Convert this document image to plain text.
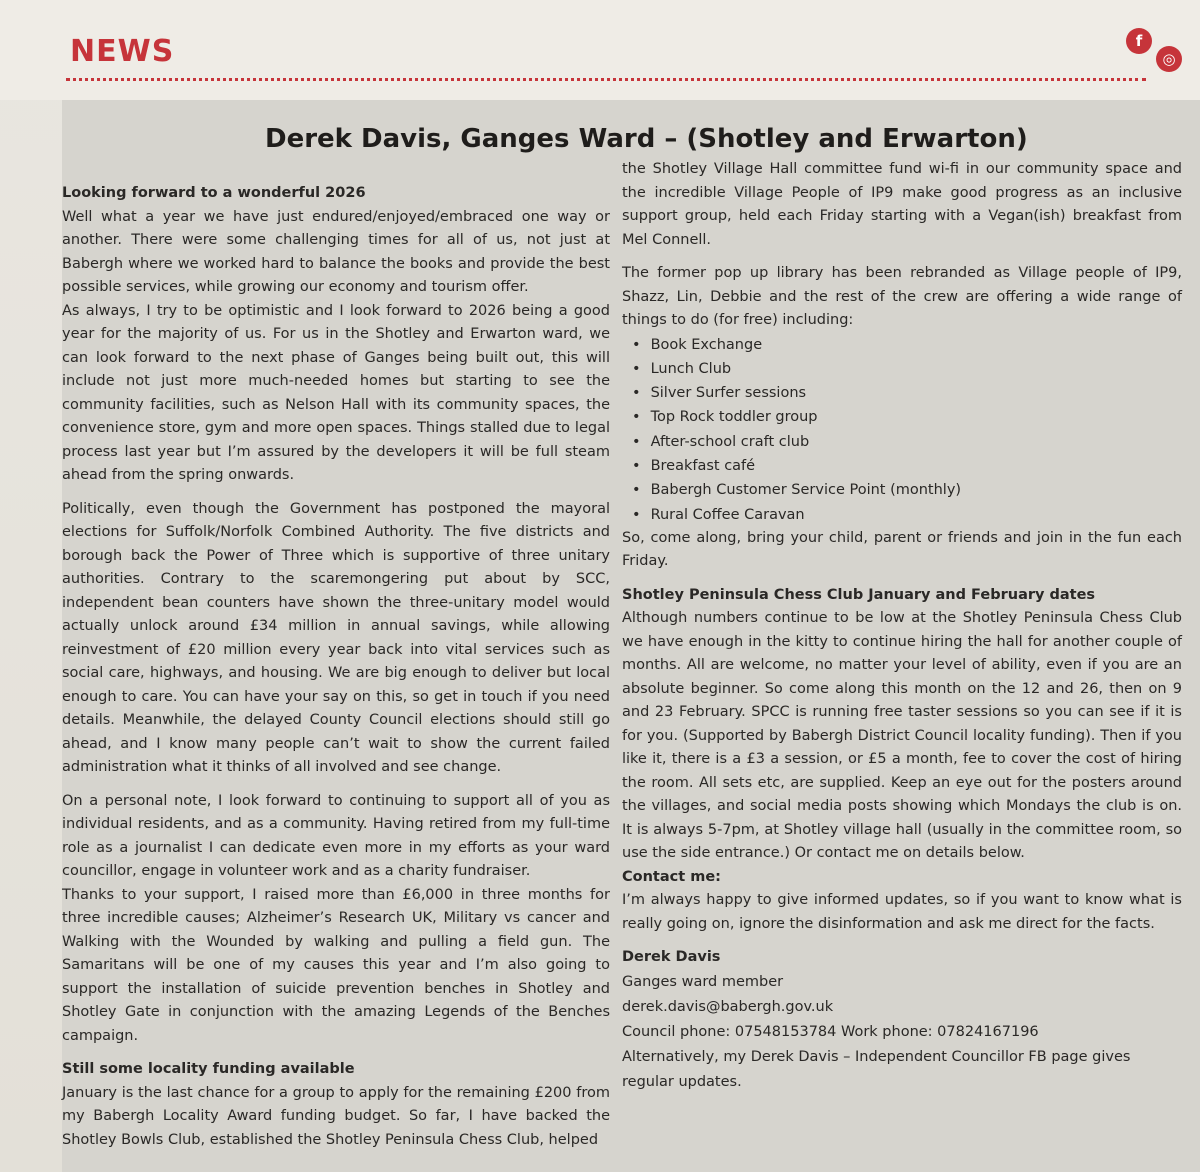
NEWS	f
◎
Derek Davis, Ganges Ward – (Shotley and Erwarton)
Looking forward to a wonderful 2026

Well what a year we have just endured/enjoyed/embraced one way or another. There were some challenging times for all of us, not just at Babergh where we worked hard to balance the books and provide the best possible services, while growing our economy and tourism offer.

As always, I try to be optimistic and I look forward to 2026 being a good year for the majority of us. For us in the Shotley and Erwarton ward, we can look forward to the next phase of Ganges being built out, this will include not just more much-needed homes but starting to see the community facilities, such as Nelson Hall with its community spaces, the convenience store, gym and more open spaces. Things stalled due to legal process last year but I’m assured by the developers it will be full steam ahead from the spring onwards.

Politically, even though the Government has postponed the mayoral elections for Suffolk/Norfolk Combined Authority. The five districts and borough back the Power of Three which is supportive of three unitary authorities. Contrary to the scaremongering put about by SCC, independent bean counters have shown the three-unitary model would actually unlock around £34 million in annual savings, while allowing reinvestment of £20 million every year back into vital services such as social care, highways, and housing. We are big enough to deliver but local enough to care. You can have your say on this, so get in touch if you need details. Meanwhile, the delayed County Council elections should still go ahead, and I know many people can’t wait to show the current failed administration what it thinks of all involved and see change.

On a personal note, I look forward to continuing to support all of you as individual residents, and as a community. Having retired from my full-time role as a journalist I can dedicate even more in my efforts as your ward councillor, engage in volunteer work and as a charity fundraiser.

Thanks to your support, I raised more than £6,000 in three months for three incredible causes; Alzheimer’s Research UK, Military vs cancer and Walking with the Wounded by walking and pulling a field gun. The Samaritans will be one of my causes this year and I’m also going to support the installation of suicide prevention benches in Shotley and Shotley Gate in conjunction with the amazing Legends of the Benches campaign.

Still some locality funding available

January is the last chance for a group to apply for the remaining £200 from my Babergh Locality Award funding budget. So far, I have backed the Shotley Bowls Club, established the Shotley Peninsula Chess Club, helped

the Shotley Village Hall committee fund wi-fi in our community space and the incredible Village People of IP9 make good progress as an inclusive support group, held each Friday starting with a Vegan(ish) breakfast from Mel Connell.

The former pop up library has been rebranded as Village people of IP9, Shazz, Lin, Debbie and the rest of the crew are offering a wide range of things to do (for free) including:

• Book Exchange
• Lunch Club
• Silver Surfer sessions
• Top Rock toddler group
• After-school craft club
• Breakfast café
• Babergh Customer Service Point (monthly)
• Rural Coffee Caravan

So, come along, bring your child, parent or friends and join in the fun each Friday.

Shotley Peninsula Chess Club January and February dates

Although numbers continue to be low at the Shotley Peninsula Chess Club we have enough in the kitty to continue hiring the hall for another couple of months. All are welcome, no matter your level of ability, even if you are an absolute beginner. So come along this month on the 12 and 26, then on 9 and 23 February. SPCC is running free taster sessions so you can see if it is for you. (Supported by Babergh District Council locality funding). Then if you like it, there is a £3 a session, or £5 a month, fee to cover the cost of hiring the room. All sets etc, are supplied. Keep an eye out for the posters around the villages, and social media posts showing which Mondays the club is on. It is always 5-7pm, at Shotley village hall (usually in the committee room, so use the side entrance.) Or contact me on details below.

Contact me:

I’m always happy to give informed updates, so if you want to know what is really going on, ignore the disinformation and ask me direct for the facts.

Derek Davis
Ganges ward member
derek.davis@babergh.gov.uk
Council phone: 07548153784 Work phone: 07824167196
Alternatively, my Derek Davis – Independent Councillor FB page gives regular updates.
